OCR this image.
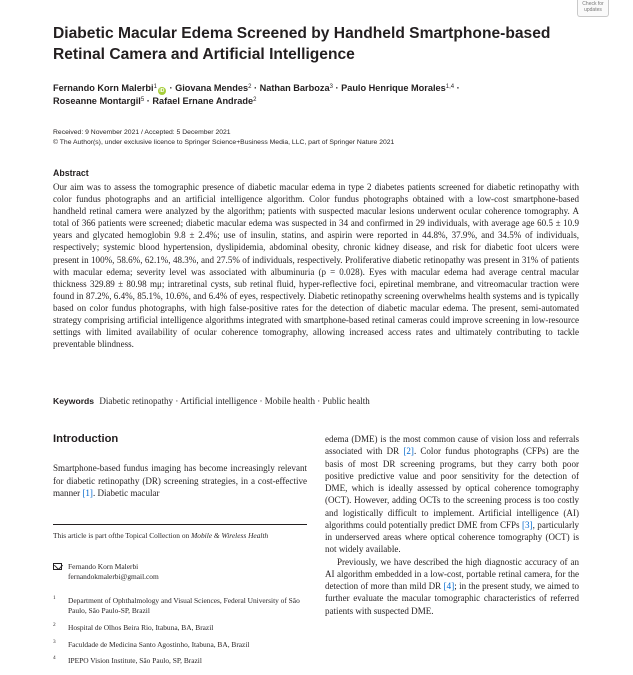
Check for updates
Diabetic Macular Edema Screened by Handheld Smartphone-based Retinal Camera and Artificial Intelligence
Fernando Korn Malerbi$^1$iD · Giovana Mendes$^2$ · Nathan Barboza$^3$ · Paulo Henrique Morales$^{1,4}$ ·
Roseanne Montargil$^5$ · Rafael Ernane Andrade$^2$
Received: 9 November 2021 / Accepted: 5 December 2021
© The Author(s), under exclusive licence to Springer Science+Business Media, LLC, part of Springer Nature 2021
Abstract
Our aim was to assess the tomographic presence of diabetic macular edema in type 2 diabetes patients screened for diabetic retinopathy with color fundus photographs and an artificial intelligence algorithm. Color fundus photographs obtained with a low-cost smartphone-based handheld retinal camera were analyzed by the algorithm; patients with suspected macular lesions underwent ocular coherence tomography. A total of 366 patients were screened; diabetic macular edema was suspected in 34 and confirmed in 29 individuals, with average age 60.5 ± 10.9 years and glycated hemoglobin 9.8 ± 2.4%; use of insulin, statins, and aspirin were reported in 44.8%, 37.9%, and 34.5% of individuals, respectively; systemic blood hypertension, dyslipidemia, abdominal obesity, chronic kidney disease, and risk for diabetic foot ulcers were present in 100%, 58.6%, 62.1%, 48.3%, and 27.5% of individuals, respectively. Proliferative diabetic retinopathy was present in 31% of patients with macular edema; severity level was associated with albuminuria (p = 0.028). Eyes with macular edema had average central macular thickness 329.89 ± 80.98 mμ; intraretinal cysts, sub retinal fluid, hyper-reflective foci, epiretinal membrane, and vitreomacular traction were found in 87.2%, 6.4%, 85.1%, 10.6%, and 6.4% of eyes, respectively. Diabetic retinopathy screening overwhelms health systems and is typically based on color fundus photographs, with high false-positive rates for the detection of diabetic macular edema. The present, semi-automated strategy comprising artificial intelligence algorithms integrated with smartphone-based retinal cameras could improve screening in low-resource settings with limited availability of ocular coherence tomography, allowing increased access rates and ultimately contributing to tackle preventable blindness.
Keywords Diabetic retinopathy · Artificial intelligence · Mobile health · Public health
Introduction
Smartphone-based fundus imaging has become increasingly relevant for diabetic retinopathy (DR) screening strategies, in a cost-effective manner [1]. Diabetic macular
This article is part ofthe Topical Collection on Mobile & Wireless Health
Fernando Korn Malerbi
fernandokmalerbi@gmail.com
1 Department of Ophthalmology and Visual Sciences, Federal University of São Paulo, São Paulo-SP, Brazil
2 Hospital de Olhos Beira Rio, Itabuna, BA, Brazil
3 Faculdade de Medicina Santo Agostinho, Itabuna, BA, Brazil
4 IPEPO Vision Institute, São Paulo, SP, Brazil

edema (DME) is the most common cause of vision loss and referrals associated with DR [2]. Color fundus photographs (CFPs) are the basis of most DR screening programs, but they carry both poor positive predictive value and poor sensitivity for the detection of DME, which is ideally assessed by optical coherence tomography (OCT). However, adding OCTs to the screening process is too costly and logistically difficult to implement. Artificial intelligence (AI) algorithms could potentially predict DME from CFPs [3], particularly in underserved areas where optical coherence tomography (OCT) is not widely available.

Previously, we have described the high diagnostic accuracy of an AI algorithm embedded in a low-cost, portable retinal camera, for the detection of more than mild DR [4]; in the present study, we aimed to further evaluate the macular tomographic characteristics of referred patients with suspected DME.
